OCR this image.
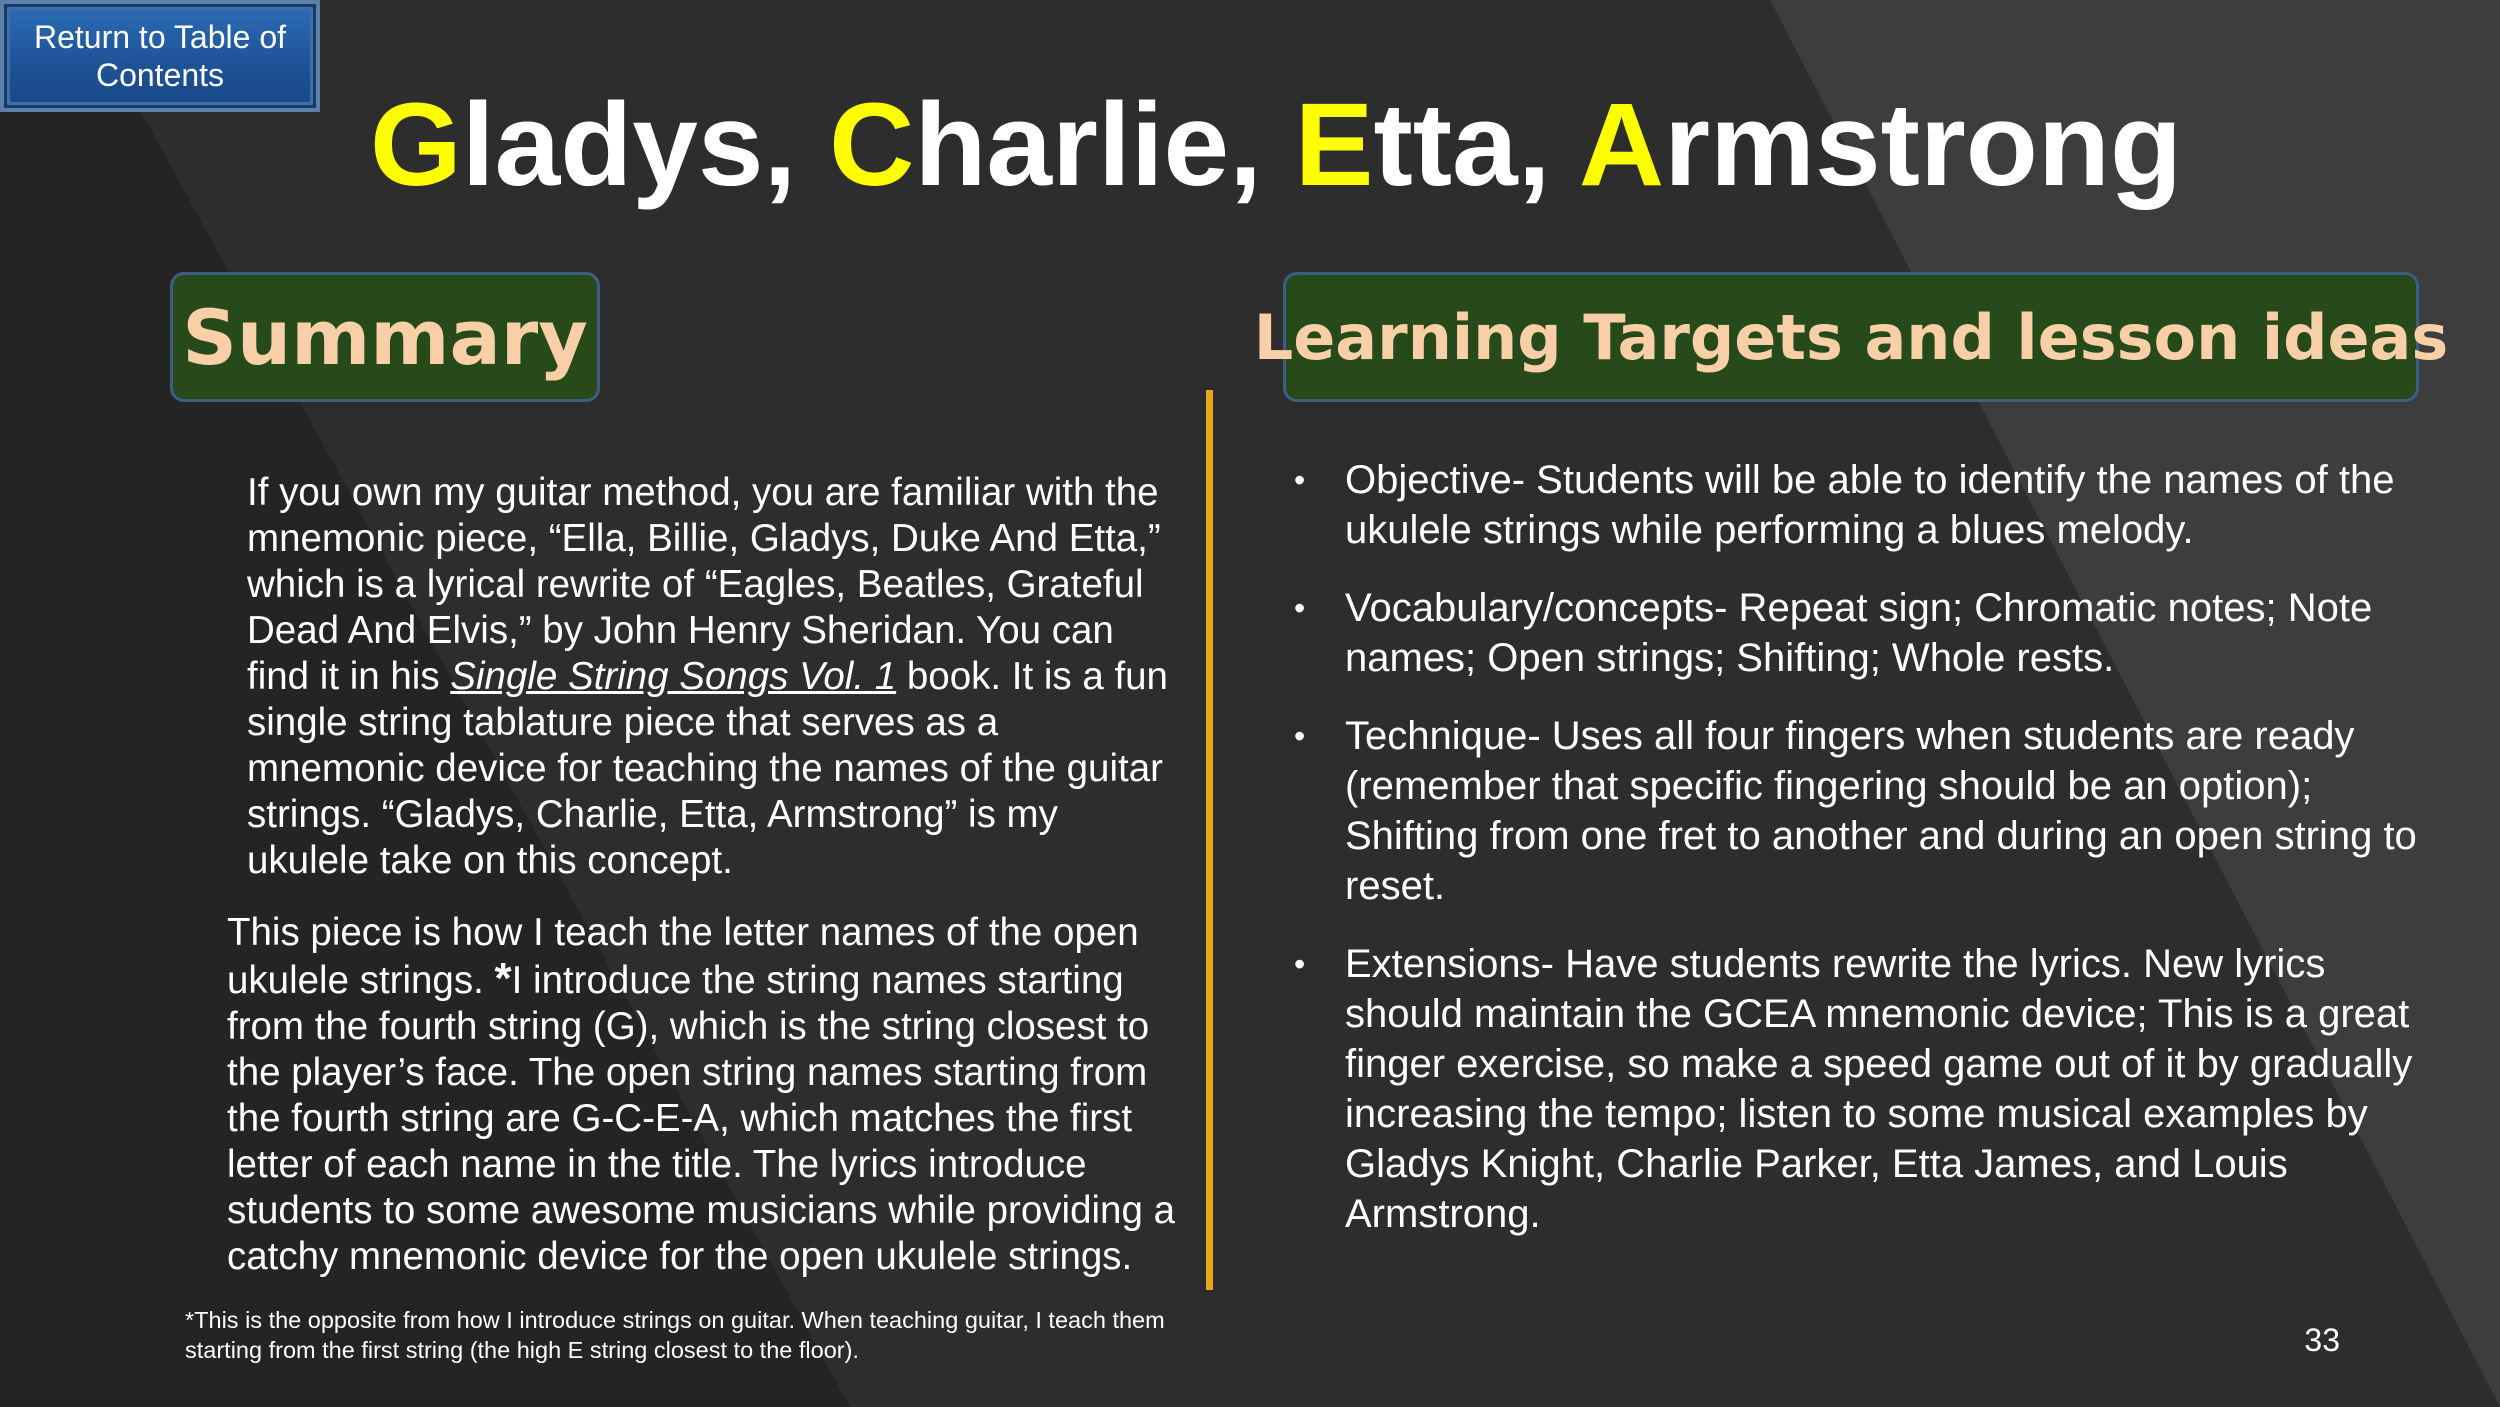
Return to Table of Contents
Gladys, Charlie, Etta, Armstrong
Summary	Learning Targets and lesson ideas

If you own my guitar method, you are familiar with the mnemonic piece, “Ella, Billie, Gladys, Duke And Etta,” which is a lyrical rewrite of “Eagles, Beatles, Grateful Dead And Elvis,” by John Henry Sheridan. You can find it in his Single String Songs Vol. 1 book. It is a fun single string tablature piece that serves as a mnemonic device for teaching the names of the guitar strings. “Gladys, Charlie, Etta, Armstrong” is my ukulele take on this concept.

This piece is how I teach the letter names of the open ukulele strings. *I introduce the string names starting from the fourth string (G), which is the string closest to the player’s face. The open string names starting from the fourth string are G-C-E-A, which matches the first letter of each name in the title. The lyrics introduce students to some awesome musicians while providing a catchy mnemonic device for the open ukulele strings.

*This is the opposite from how I introduce strings on guitar. When teaching guitar, I teach them starting from the first string (the high E string closest to the floor).
• Objective- Students will be able to identify the names of the ukulele strings while performing a blues melody.
• Vocabulary/concepts- Repeat sign; Chromatic notes; Note names; Open strings; Shifting; Whole rests.
• Technique- Uses all four fingers when students are ready (remember that specific fingering should be an option); Shifting from one fret to another and during an open string to reset.
• Extensions- Have students rewrite the lyrics. New lyrics should maintain the GCEA mnemonic device; This is a great finger exercise, so make a speed game out of it by gradually increasing the tempo; listen to some musical examples by Gladys Knight, Charlie Parker, Etta James, and Louis Armstrong.
33
